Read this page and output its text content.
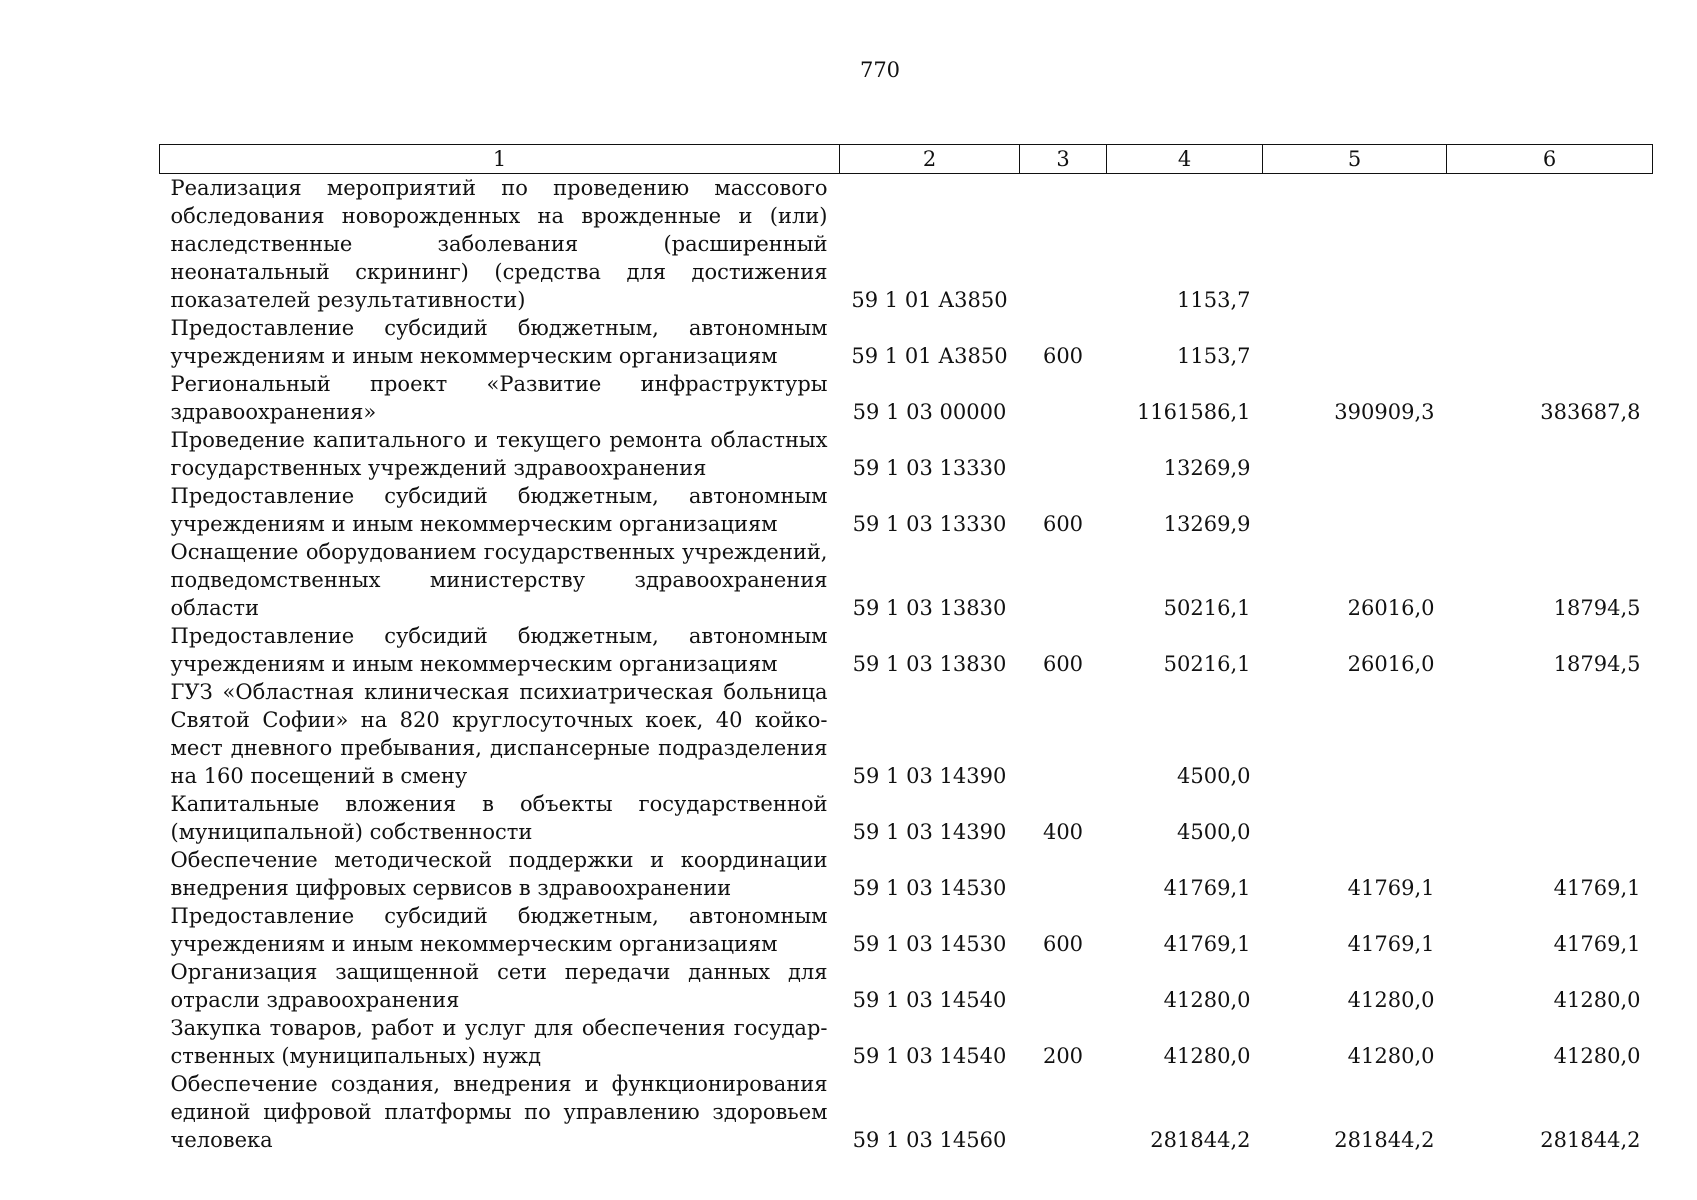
770
1	2	3	4	5	6
Реализация мероприятий по проведению массового обследования новорожденных на врожденные и (или) наследственные заболевания (расширенный неонатальный скрининг) (средства для достижения показателей результативности)	59 1 01 А3850		1153,7		
Предоставление субсидий бюджетным, автономным учреждениям и иным некоммерческим организациям	59 1 01 А3850	600	1153,7		
Региональный проект «Развитие инфраструктуры здравоохранения»	59 1 03 00000		1161586,1	390909,3	383687,8
Проведение капитального и текущего ремонта областных государственных учреждений здравоохранения	59 1 03 13330		13269,9		
Предоставление субсидий бюджетным, автономным учреждениям и иным некоммерческим организациям	59 1 03 13330	600	13269,9		
Оснащение оборудованием государственных учреждений, подведомственных министерству здравоохранения области	59 1 03 13830		50216,1	26016,0	18794,5
Предоставление субсидий бюджетным, автономным учреждениям и иным некоммерческим организациям	59 1 03 13830	600	50216,1	26016,0	18794,5
ГУЗ «Областная клиническая психиатрическая больница Святой Софии» на 820 круглосуточных коек, 40 койко-мест дневного пребывания, диспансерные подразделения на 160 посещений в смену	59 1 03 14390		4500,0		
Капитальные вложения в объекты государственной (муниципальной) собственности	59 1 03 14390	400	4500,0		
Обеспечение методической поддержки и координации внедрения цифровых сервисов в здравоохранении	59 1 03 14530		41769,1	41769,1	41769,1
Предоставление субсидий бюджетным, автономным учреждениям и иным некоммерческим организациям	59 1 03 14530	600	41769,1	41769,1	41769,1
Организация защищенной сети передачи данных для отрасли здравоохранения	59 1 03 14540		41280,0	41280,0	41280,0
Закупка товаров, работ и услуг для обеспечения государственных (муниципальных) нужд	59 1 03 14540	200	41280,0	41280,0	41280,0
Обеспечение создания, внедрения и функционирования единой цифровой платформы по управлению здоровьем человека	59 1 03 14560		281844,2	281844,2	281844,2
